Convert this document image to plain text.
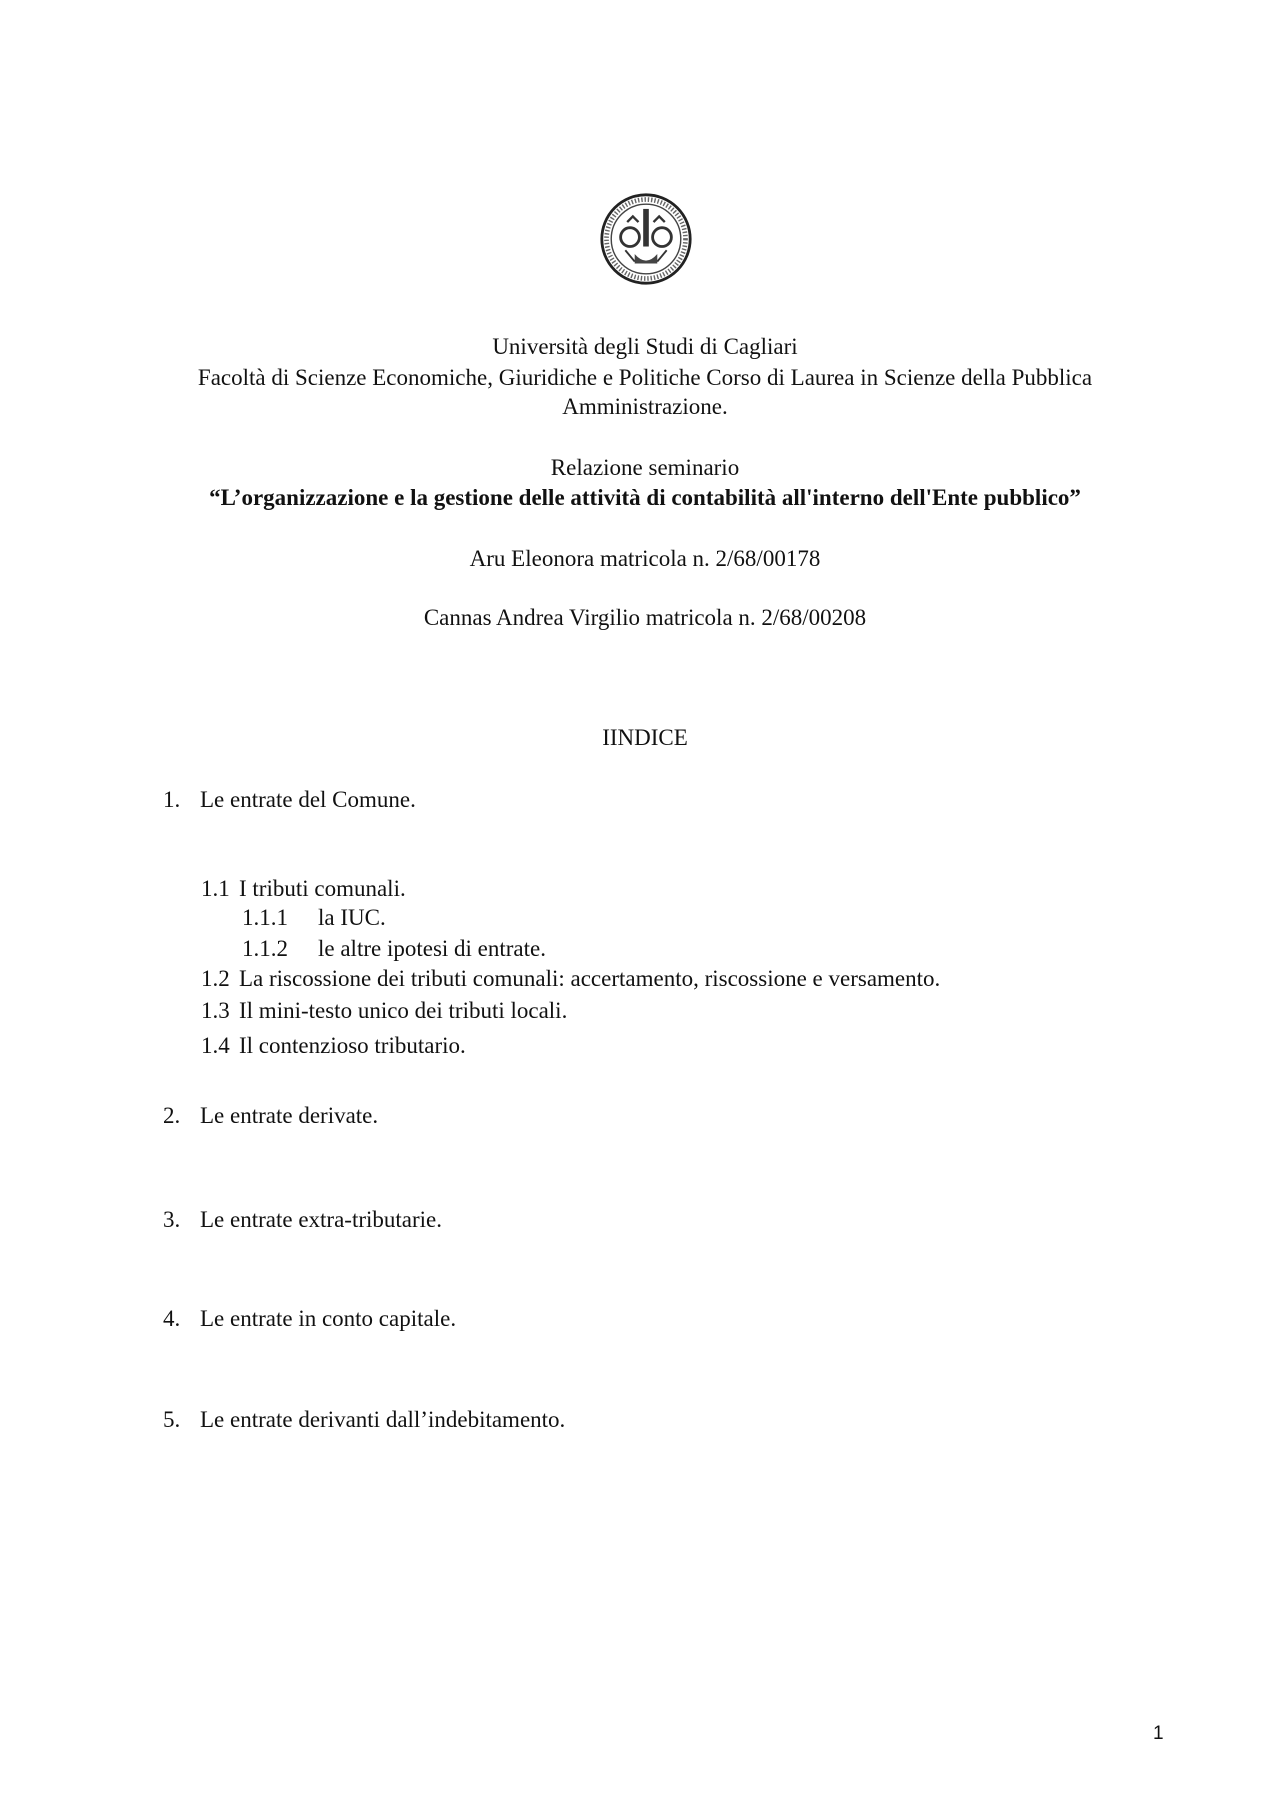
Università degli Studi di Cagliari
Facoltà di Scienze Economiche, Giuridiche e Politiche Corso di Laurea in Scienze della Pubblica
Amministrazione.
Relazione seminario
“L’organizzazione e la gestione delle attività di contabilità all'interno dell'Ente pubblico”
Aru Eleonora matricola n. 2/68/00178
Cannas Andrea Virgilio matricola n. 2/68/00208
IINDICE
1. Le entrate del Comune.
1.1 I tributi comunali.
1.1.1 la IUC.
1.1.2 le altre ipotesi di entrate.
1.2 La riscossione dei tributi comunali: accertamento, riscossione e versamento.
1.3 Il mini-testo unico dei tributi locali.
1.4 Il contenzioso tributario.
2. Le entrate derivate.
3. Le entrate extra-tributarie.
4. Le entrate in conto capitale.
5. Le entrate derivanti dall’indebitamento.
1
